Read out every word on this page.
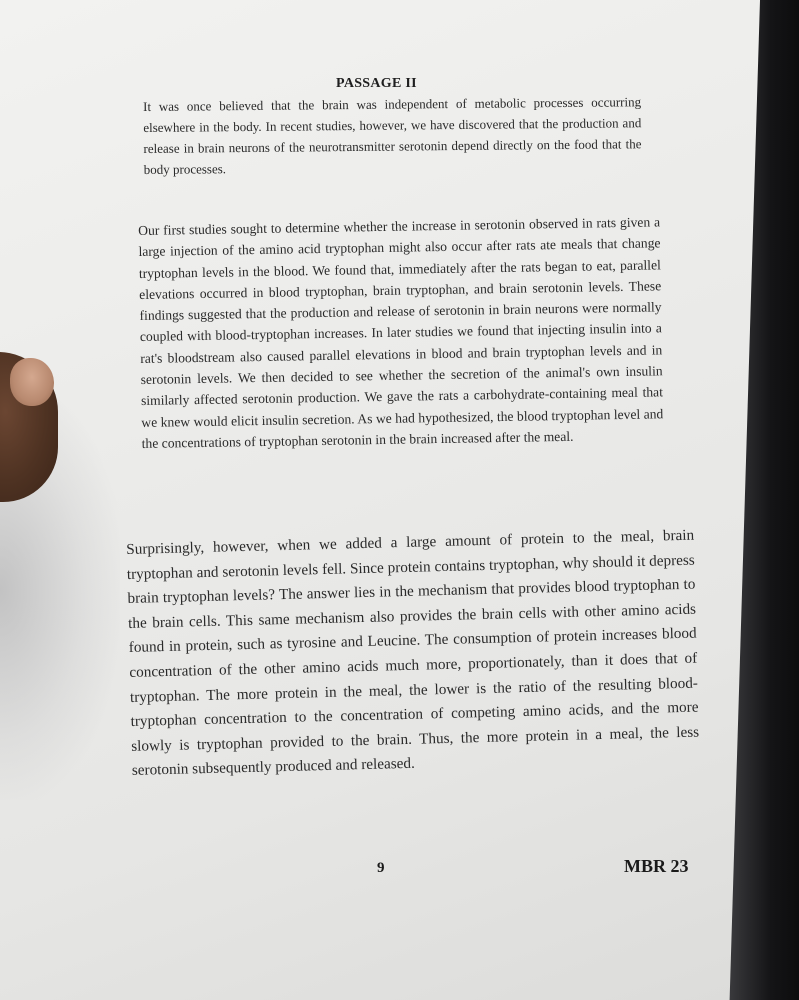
PASSAGE II

It was once believed that the brain was independent of metabolic processes occurring elsewhere in the body. In recent studies, however, we have discovered that the production and release in brain neurons of the neurotransmitter serotonin depend directly on the food that the body processes.

Our first studies sought to determine whether the increase in serotonin observed in rats given a large injection of the amino acid tryptophan might also occur after rats ate meals that change tryptophan levels in the blood. We found that, immediately after the rats began to eat, parallel elevations occurred in blood tryptophan, brain tryptophan, and brain serotonin levels. These findings suggested that the production and release of serotonin in brain neurons were normally coupled with blood-tryptophan increases. In later studies we found that injecting insulin into a rat's bloodstream also caused parallel elevations in blood and brain tryptophan levels and in serotonin levels. We then decided to see whether the secretion of the animal's own insulin similarly affected serotonin production. We gave the rats a carbohydrate-containing meal that we knew would elicit insulin secretion. As we had hypothesized, the blood tryptophan level and the concentrations of tryptophan serotonin in the brain increased after the meal.

Surprisingly, however, when we added a large amount of protein to the meal, brain tryptophan and serotonin levels fell. Since protein contains tryptophan, why should it depress brain tryptophan levels? The answer lies in the mechanism that provides blood tryptophan to the brain cells. This same mechanism also provides the brain cells with other amino acids found in protein, such as tyrosine and Leucine. The consumption of protein increases blood concentration of the other amino acids much more, proportionately, than it does that of tryptophan. The more protein in the meal, the lower is the ratio of the resulting blood-tryptophan concentration to the concentration of competing amino acids, and the more slowly is tryptophan provided to the brain. Thus, the more protein in a meal, the less serotonin subsequently produced and released.

9	MBR 23
